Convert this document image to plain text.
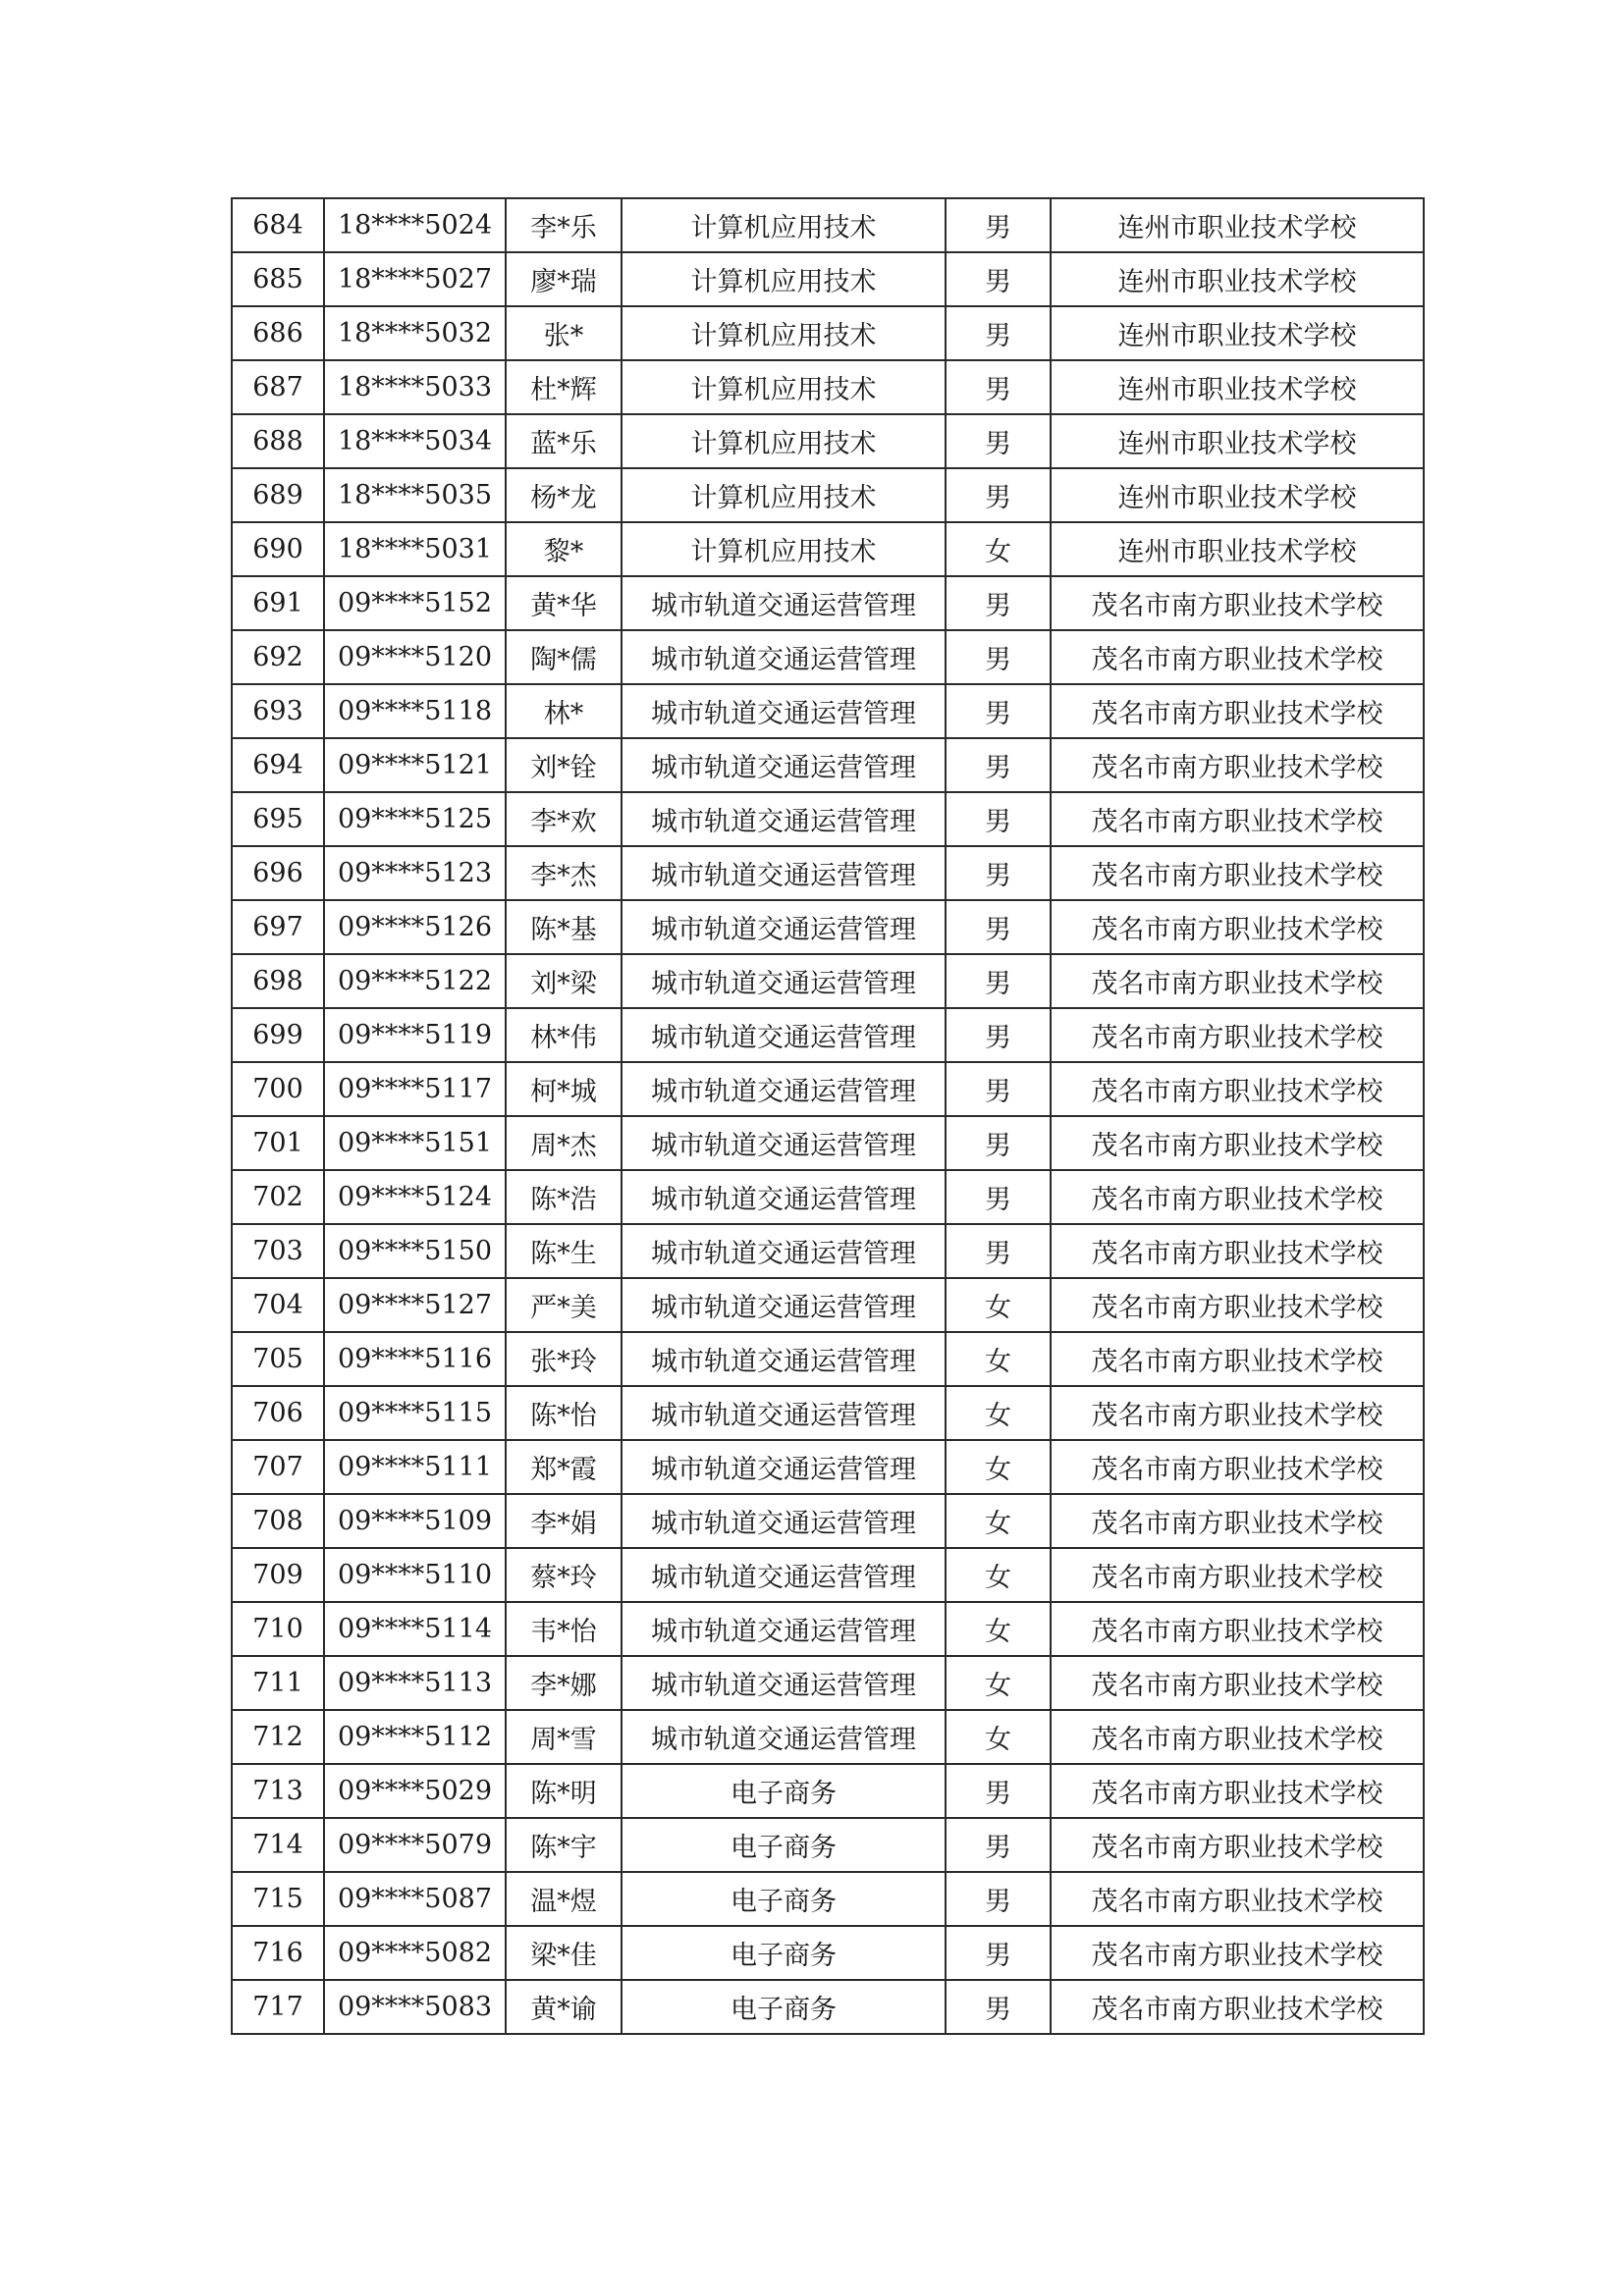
684	18****5024	李*乐	计算机应用技术	男	连州市职业技术学校
685	18****5027	廖*瑞	计算机应用技术	男	连州市职业技术学校
686	18****5032	张*	计算机应用技术	男	连州市职业技术学校
687	18****5033	杜*辉	计算机应用技术	男	连州市职业技术学校
688	18****5034	蓝*乐	计算机应用技术	男	连州市职业技术学校
689	18****5035	杨*龙	计算机应用技术	男	连州市职业技术学校
690	18****5031	黎*	计算机应用技术	女	连州市职业技术学校
691	09****5152	黄*华	城市轨道交通运营管理	男	茂名市南方职业技术学校
692	09****5120	陶*儒	城市轨道交通运营管理	男	茂名市南方职业技术学校
693	09****5118	林*	城市轨道交通运营管理	男	茂名市南方职业技术学校
694	09****5121	刘*铨	城市轨道交通运营管理	男	茂名市南方职业技术学校
695	09****5125	李*欢	城市轨道交通运营管理	男	茂名市南方职业技术学校
696	09****5123	李*杰	城市轨道交通运营管理	男	茂名市南方职业技术学校
697	09****5126	陈*基	城市轨道交通运营管理	男	茂名市南方职业技术学校
698	09****5122	刘*梁	城市轨道交通运营管理	男	茂名市南方职业技术学校
699	09****5119	林*伟	城市轨道交通运营管理	男	茂名市南方职业技术学校
700	09****5117	柯*城	城市轨道交通运营管理	男	茂名市南方职业技术学校
701	09****5151	周*杰	城市轨道交通运营管理	男	茂名市南方职业技术学校
702	09****5124	陈*浩	城市轨道交通运营管理	男	茂名市南方职业技术学校
703	09****5150	陈*生	城市轨道交通运营管理	男	茂名市南方职业技术学校
704	09****5127	严*美	城市轨道交通运营管理	女	茂名市南方职业技术学校
705	09****5116	张*玲	城市轨道交通运营管理	女	茂名市南方职业技术学校
706	09****5115	陈*怡	城市轨道交通运营管理	女	茂名市南方职业技术学校
707	09****5111	郑*霞	城市轨道交通运营管理	女	茂名市南方职业技术学校
708	09****5109	李*娟	城市轨道交通运营管理	女	茂名市南方职业技术学校
709	09****5110	蔡*玲	城市轨道交通运营管理	女	茂名市南方职业技术学校
710	09****5114	韦*怡	城市轨道交通运营管理	女	茂名市南方职业技术学校
711	09****5113	李*娜	城市轨道交通运营管理	女	茂名市南方职业技术学校
712	09****5112	周*雪	城市轨道交通运营管理	女	茂名市南方职业技术学校
713	09****5029	陈*明	电子商务	男	茂名市南方职业技术学校
714	09****5079	陈*宇	电子商务	男	茂名市南方职业技术学校
715	09****5087	温*煜	电子商务	男	茂名市南方职业技术学校
716	09****5082	梁*佳	电子商务	男	茂名市南方职业技术学校
717	09****5083	黄*谕	电子商务	男	茂名市南方职业技术学校
